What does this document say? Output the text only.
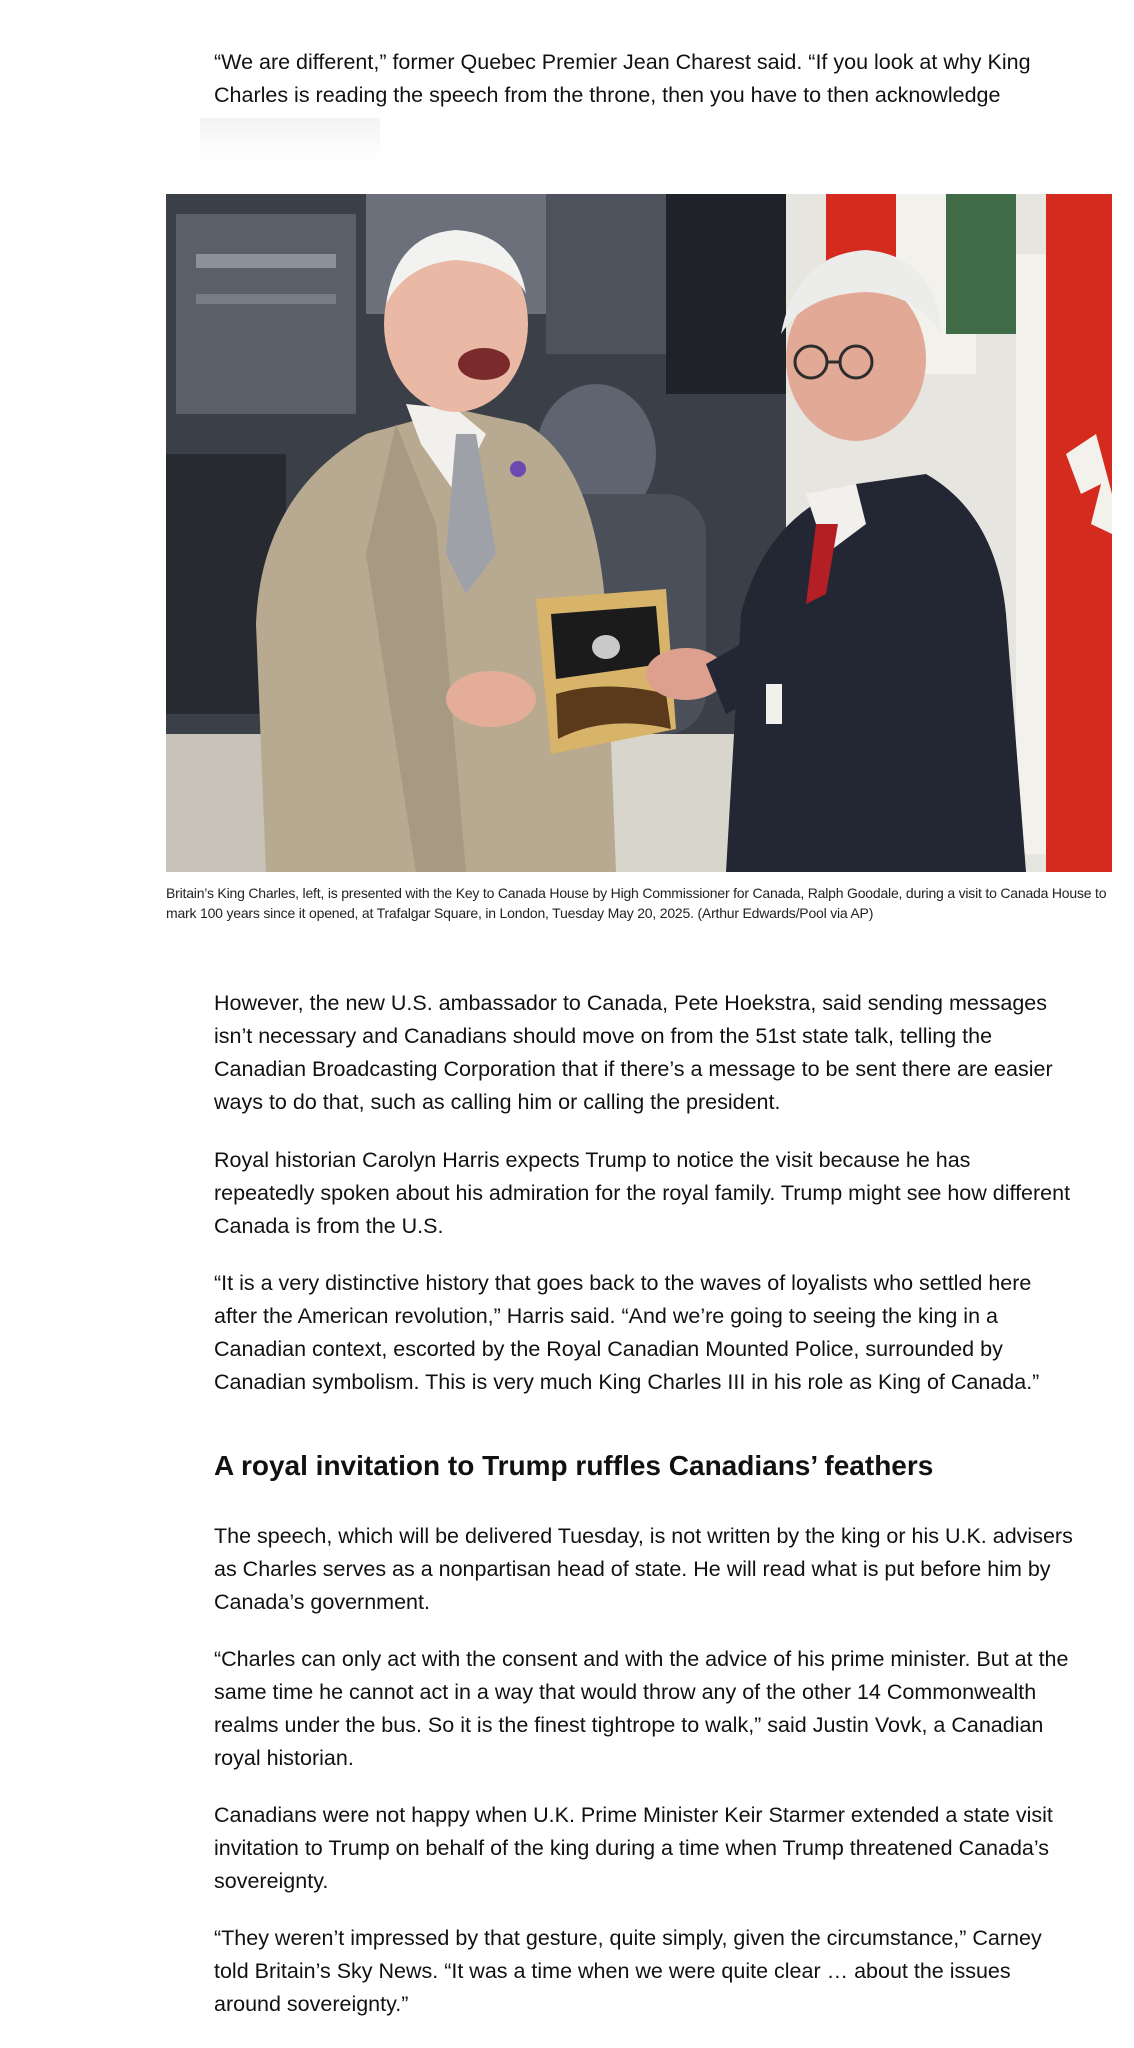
“We are different,” former Quebec Premier Jean Charest said. “If you look at why King Charles is reading the speech from the throne, then you have to then acknowledge

Britain’s King Charles, left, is presented with the Key to Canada House by High Commissioner for Canada, Ralph Goodale, during a visit to Canada House to mark 100 years since it opened, at Trafalgar Square, in London, Tuesday May 20, 2025. (Arthur Edwards/Pool via AP)

However, the new U.S. ambassador to Canada, Pete Hoekstra, said sending messages isn’t necessary and Canadians should move on from the 51st state talk, telling the Canadian Broadcasting Corporation that if there’s a message to be sent there are easier ways to do that, such as calling him or calling the president.

Royal historian Carolyn Harris expects Trump to notice the visit because he has repeatedly spoken about his admiration for the royal family. Trump might see how different Canada is from the U.S.

“It is a very distinctive history that goes back to the waves of loyalists who settled here after the American revolution,” Harris said. “And we’re going to seeing the king in a Canadian context, escorted by the Royal Canadian Mounted Police, surrounded by Canadian symbolism. This is very much King Charles III in his role as King of Canada.”

A royal invitation to Trump ruffles Canadians’ feathers

The speech, which will be delivered Tuesday, is not written by the king or his U.K. advisers as Charles serves as a nonpartisan head of state. He will read what is put before him by Canada’s government.

“Charles can only act with the consent and with the advice of his prime minister. But at the same time he cannot act in a way that would throw any of the other 14 Commonwealth realms under the bus. So it is the finest tightrope to walk,” said Justin Vovk, a Canadian royal historian.

Canadians were not happy when U.K. Prime Minister Keir Starmer extended a state visit invitation to Trump on behalf of the king during a time when Trump threatened Canada’s sovereignty.

“They weren’t impressed by that gesture, quite simply, given the circumstance,” Carney told Britain’s Sky News. “It was a time when we were quite clear … about the issues around sovereignty.”
